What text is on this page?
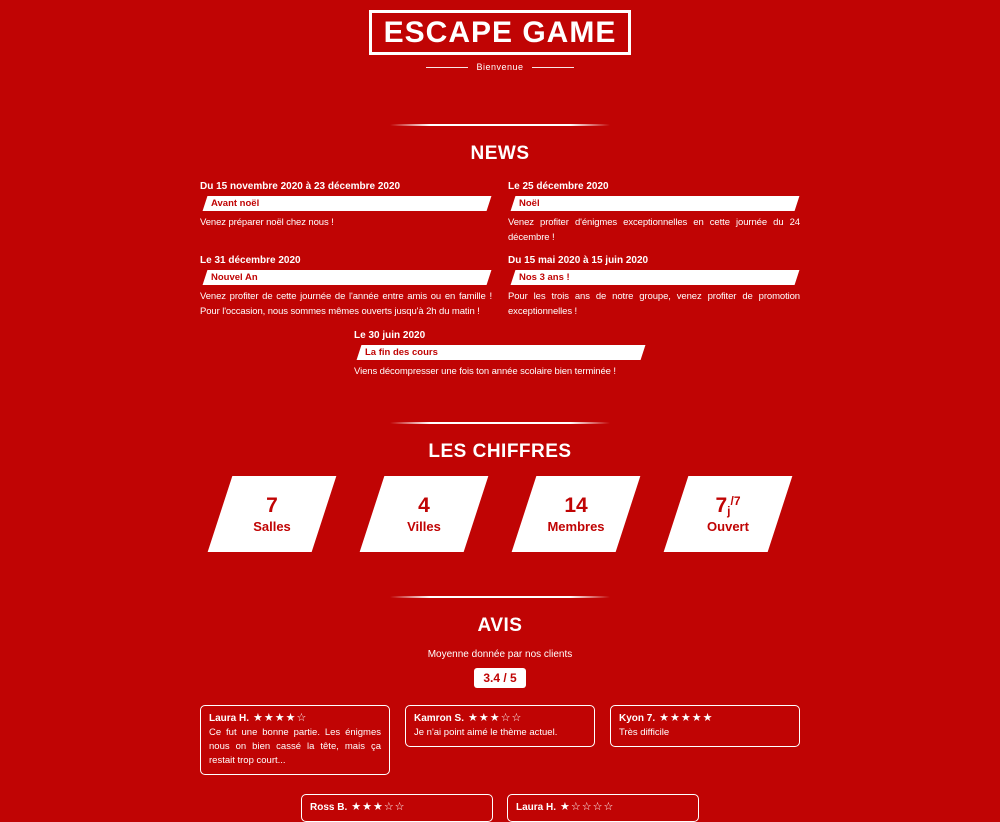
ESCAPE GAME
Bienvenue
NEWS
Du 15 novembre 2020 à 23 décembre 2020
Avant noël

Venez préparer noël chez nous !

Le 25 décembre 2020
Noël

Venez profiter d'énigmes exceptionnelles en cette journée du 24 décembre !

Le 31 décembre 2020
Nouvel An

Venez profiter de cette journée de l'année entre amis ou en famille ! Pour l'occasion, nous sommes mêmes ouverts jusqu'à 2h du matin !

Du 15 mai 2020 à 15 juin 2020
Nos 3 ans !

Pour les trois ans de notre groupe, venez profiter de promotion exceptionnelles !

Le 30 juin 2020
La fin des cours

Viens décompresser une fois ton année scolaire bien terminée !

LES CHIFFRES
7
Salles
4
Villes
14
Membres
$7j^{/7}$
Ouvert
AVIS

Moyenne donnée par nos clients

3.4 / 5
Laura H. ★★★★☆

Ce fut une bonne partie. Les énigmes nous on bien cassé la tête, mais ça restait trop court...

Kamron S. ★★★☆☆

Je n'ai point aimé le thème actuel.

Kyon 7. ★★★★★

Très difficile

Ross B. ★★★☆☆	Laura H. ★☆☆☆☆
